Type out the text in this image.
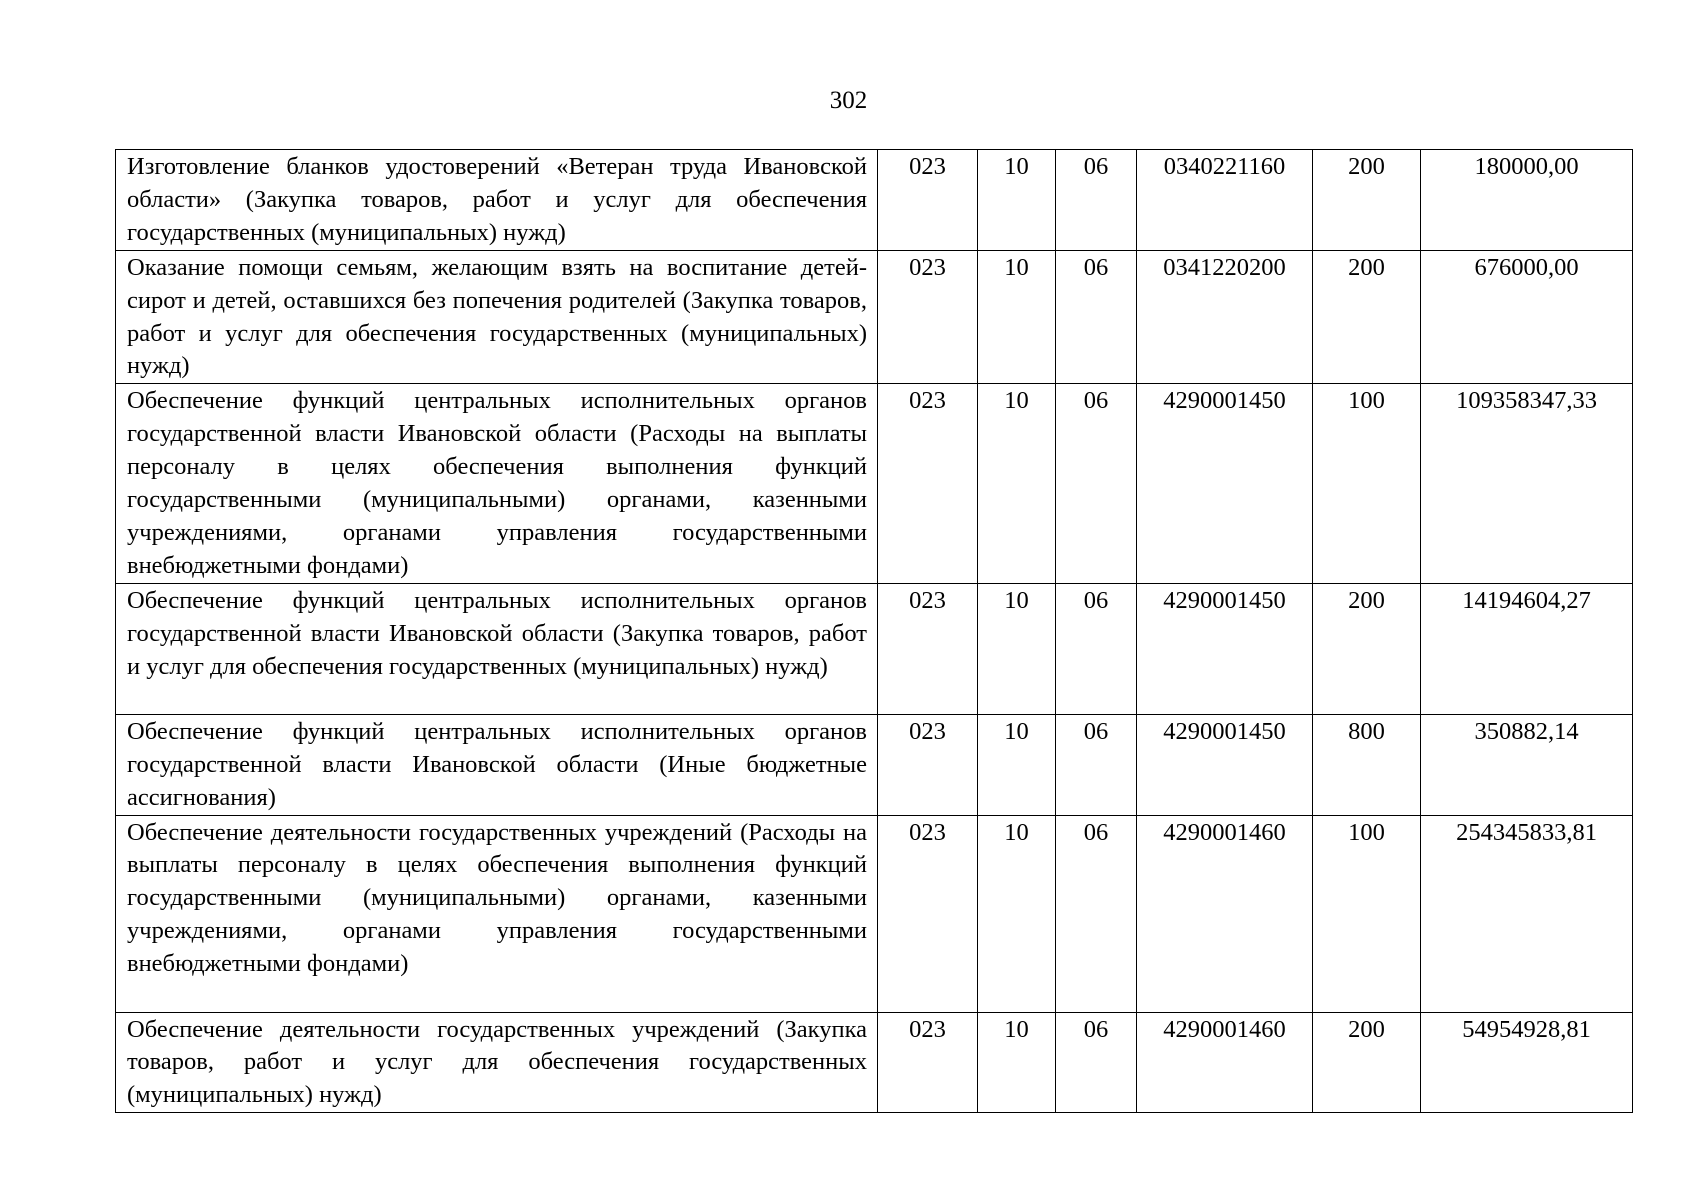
302
Изготовление бланков удостоверений «Ветеран труда Ивановской области» (Закупка товаров, работ и услуг для обеспечения государственных (муниципальных) нужд)	023	10	06	0340221160	200	180000,00
Оказание помощи семьям, желающим взять на воспитание детей-сирот и детей, оставшихся без попечения родителей (Закупка товаров, работ и услуг для обеспечения государственных (муниципальных) нужд)	023	10	06	0341220200	200	676000,00
Обеспечение функций центральных исполнительных органов государственной власти Ивановской области (Расходы на выплаты персоналу в целях обеспечения выполнения функций государственными (муниципальными) органами, казенными учреждениями, органами управления государственными внебюджетными фондами)	023	10	06	4290001450	100	109358347,33
Обеспечение функций центральных исполнительных органов государственной власти Ивановской области (Закупка товаров, работ и услуг для обеспечения государственных (муниципальных) нужд)	023	10	06	4290001450	200	14194604,27
Обеспечение функций центральных исполнительных органов государственной власти Ивановской области (Иные бюджетные ассигнования)	023	10	06	4290001450	800	350882,14
Обеспечение деятельности государственных учреждений (Расходы на выплаты персоналу в целях обеспечения выполнения функций государственными (муниципальными) органами, казенными учреждениями, органами управления государственными внебюджетными фондами)	023	10	06	4290001460	100	254345833,81
Обеспечение деятельности государственных учреждений (Закупка товаров, работ и услуг для обеспечения государственных (муниципальных) нужд)	023	10	06	4290001460	200	54954928,81
